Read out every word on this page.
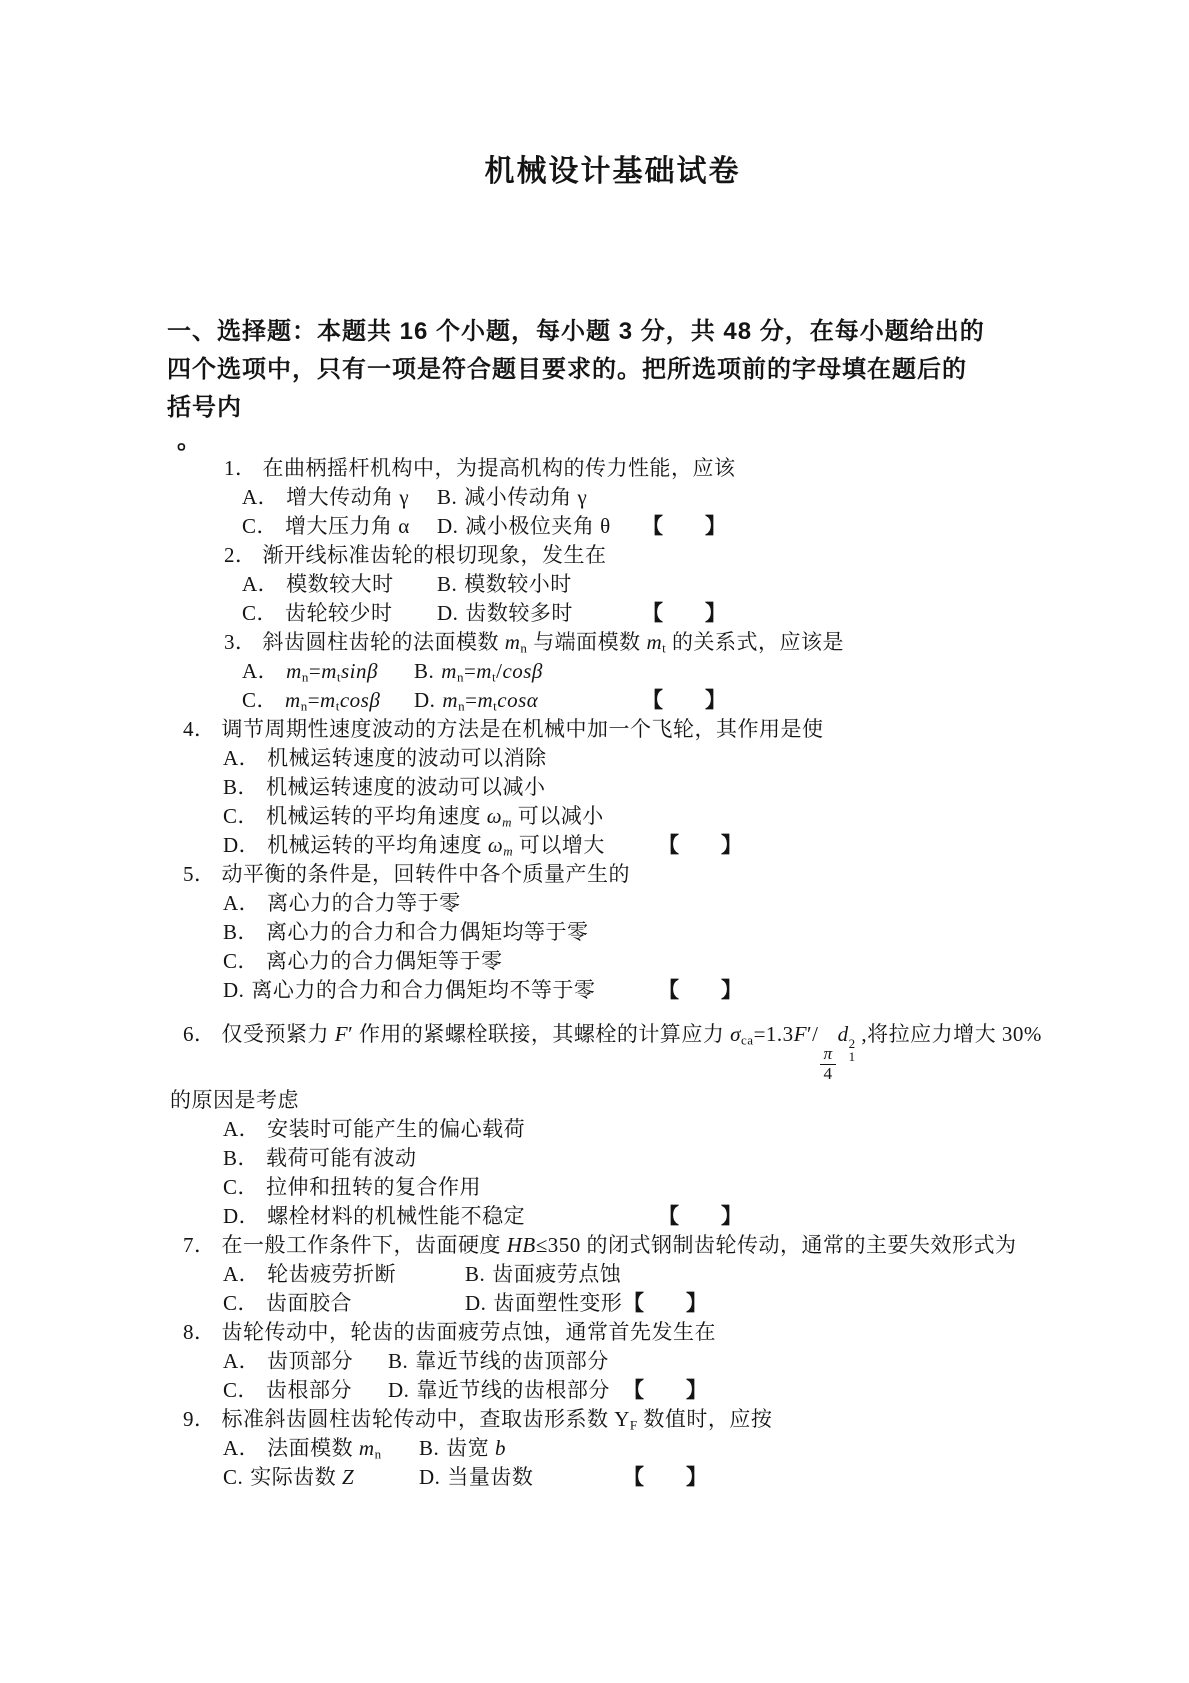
机械设计基础试卷

一、选择题：本题共 16 个小题，每小题 3 分，共 48 分，在每小题给出的四个选项中，只有一项是符合题目要求的。把所选项前的字母填在题后的括号内

。
1． 在曲柄摇杆机构中，为提高机构的传力性能，应该
A． 增大传动角 γ B. 减小传动角 γ
C． 增大压力角 α D. 减小极位夹角 θ 【　　】
2． 渐开线标准齿轮的根切现象，发生在
A． 模数较大时 B. 模数较小时
C． 齿轮较少时 D. 齿数较多时	【　　】
3． 斜齿圆柱齿轮的法面模数 $m_n$ 与端面模数 $m_t$ 的关系式，应该是
A． $m_n=m_t\sin\beta$ B. $m_n=m_t$/cosβ
C． $m_n=m_t\cos\beta$ D. $m_n=m_t\cos\alpha$	【　　】
4． 调节周期性速度波动的方法是在机械中加一个飞轮，其作用是使
A． 机械运转速度的波动可以消除
B． 机械运转速度的波动可以减小
C． 机械运转的平均角速度 $\omega_m$ 可以减小
D． 机械运转的平均角速度 $\omega_m$ 可以增大	【　　】
5． 动平衡的条件是，回转件中各个质量产生的
A． 离心力的合力等于零
B． 离心力的合力和合力偶矩均等于零
C． 离心力的合力偶矩等于零
D. 离心力的合力和合力偶矩均不等于零	【　　】
6． 仅受预紧力 F′ 作用的紧螺栓联接，其螺栓的计算应力 $\sigma_{ca}=1.3F'/$
$\frac{\pi}{4}$
d 2
1
,将拉应力增大 30%
的原因是考虑
A． 安装时可能产生的偏心载荷
B． 载荷可能有波动
C． 拉伸和扭转的复合作用
D． 螺栓材料的机械性能不稳定	【　　】
7． 在一般工作条件下，齿面硬度 HB≤350 的闭式钢制齿轮传动，通常的主要失效形式为
A． 轮齿疲劳折断	B. 齿面疲劳点蚀
C． 齿面胶合	D. 齿面塑性变形 【　　】
8． 齿轮传动中，轮齿的齿面疲劳点蚀，通常首先发生在
A． 齿顶部分 B. 靠近节线的齿顶部分
C． 齿根部分 D. 靠近节线的齿根部分 【　　】
9． 标准斜齿圆柱齿轮传动中，查取齿形系数 $Y_F$ 数值时，应按
A． 法面模数 $m_n$ B. 齿宽 b
C. 实际齿数 Z	D. 当量齿数	【　　】
